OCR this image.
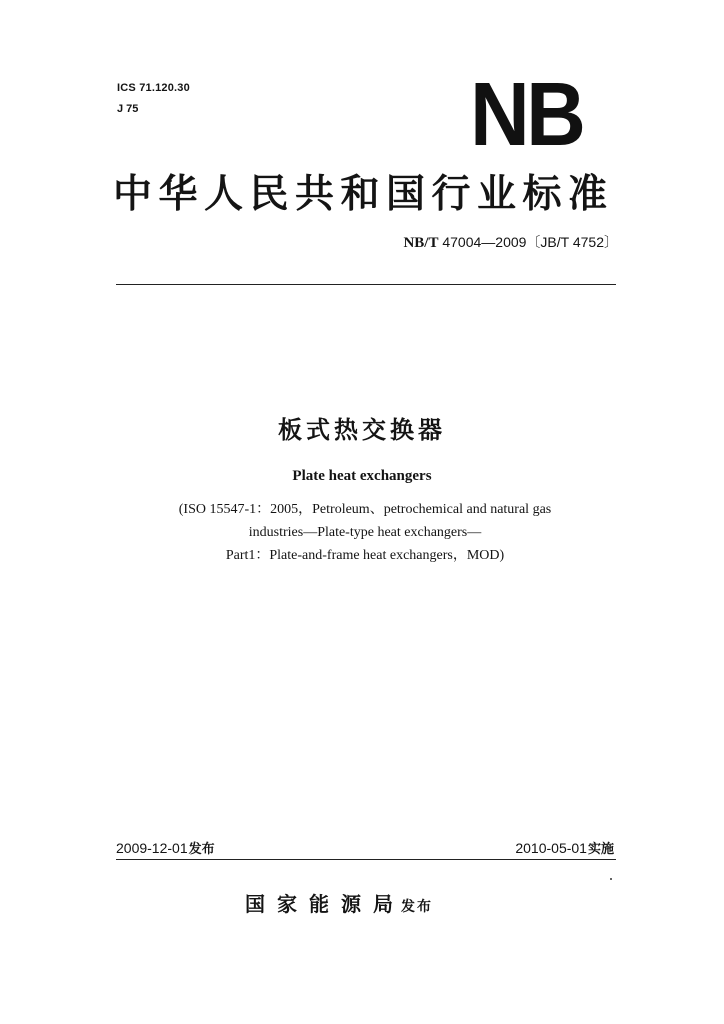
ICS 71.120.30
J 75	NB
中华人民共和国行业标准
NB/T 47004—2009〔JB/T 4752〕
板式热交换器
Plate heat exchangers
(ISO 15547-1：2005，Petroleum、petrochemical and natural gas
industries—Plate-type heat exchangers—
Part1：Plate-and-frame heat exchangers，MOD)
2009-12-01发布	2010-05-01实施
国家能源局发布
